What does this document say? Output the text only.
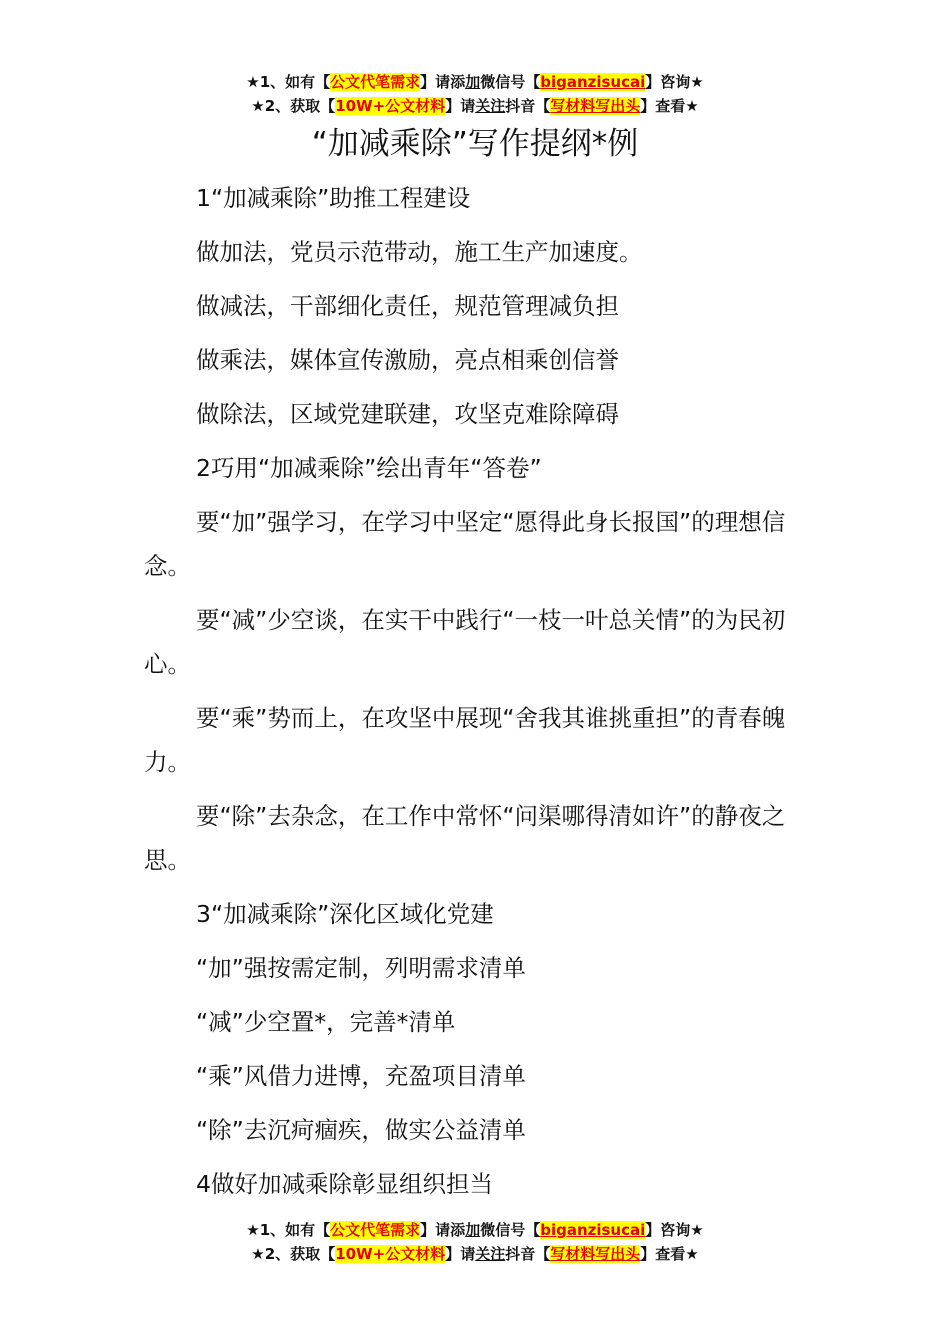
★1、如有【公文代笔需求】请添加微信号【biganzisucai】咨询★
★2、获取【10W+公文材料】请关注抖音【写材料写出头】查看★
“加减乘除”写作提纲*例

1“加减乘除”助推工程建设

做加法，党员示范带动，施工生产加速度。

做减法，干部细化责任，规范管理减负担

做乘法，媒体宣传激励，亮点相乘创信誉

做除法，区域党建联建，攻坚克难除障碍

2巧用“加减乘除”绘出青年“答卷”

要“加”强学习，在学习中坚定“愿得此身长报国”的理想信念。

要“减”少空谈，在实干中践行“一枝一叶总关情”的为民初心。

要“乘”势而上，在攻坚中展现“舍我其谁挑重担”的青春魄力。

要“除”去杂念，在工作中常怀“问渠哪得清如许”的静夜之思。

3“加减乘除”深化区域化党建

“加”强按需定制，列明需求清单

“减”少空置*，完善*清单

“乘”风借力进博，充盈项目清单

“除”去沉疴痼疾，做实公益清单

4做好加减乘除彰显组织担当

★1、如有【公文代笔需求】请添加微信号【biganzisucai】咨询★
★2、获取【10W+公文材料】请关注抖音【写材料写出头】查看★
